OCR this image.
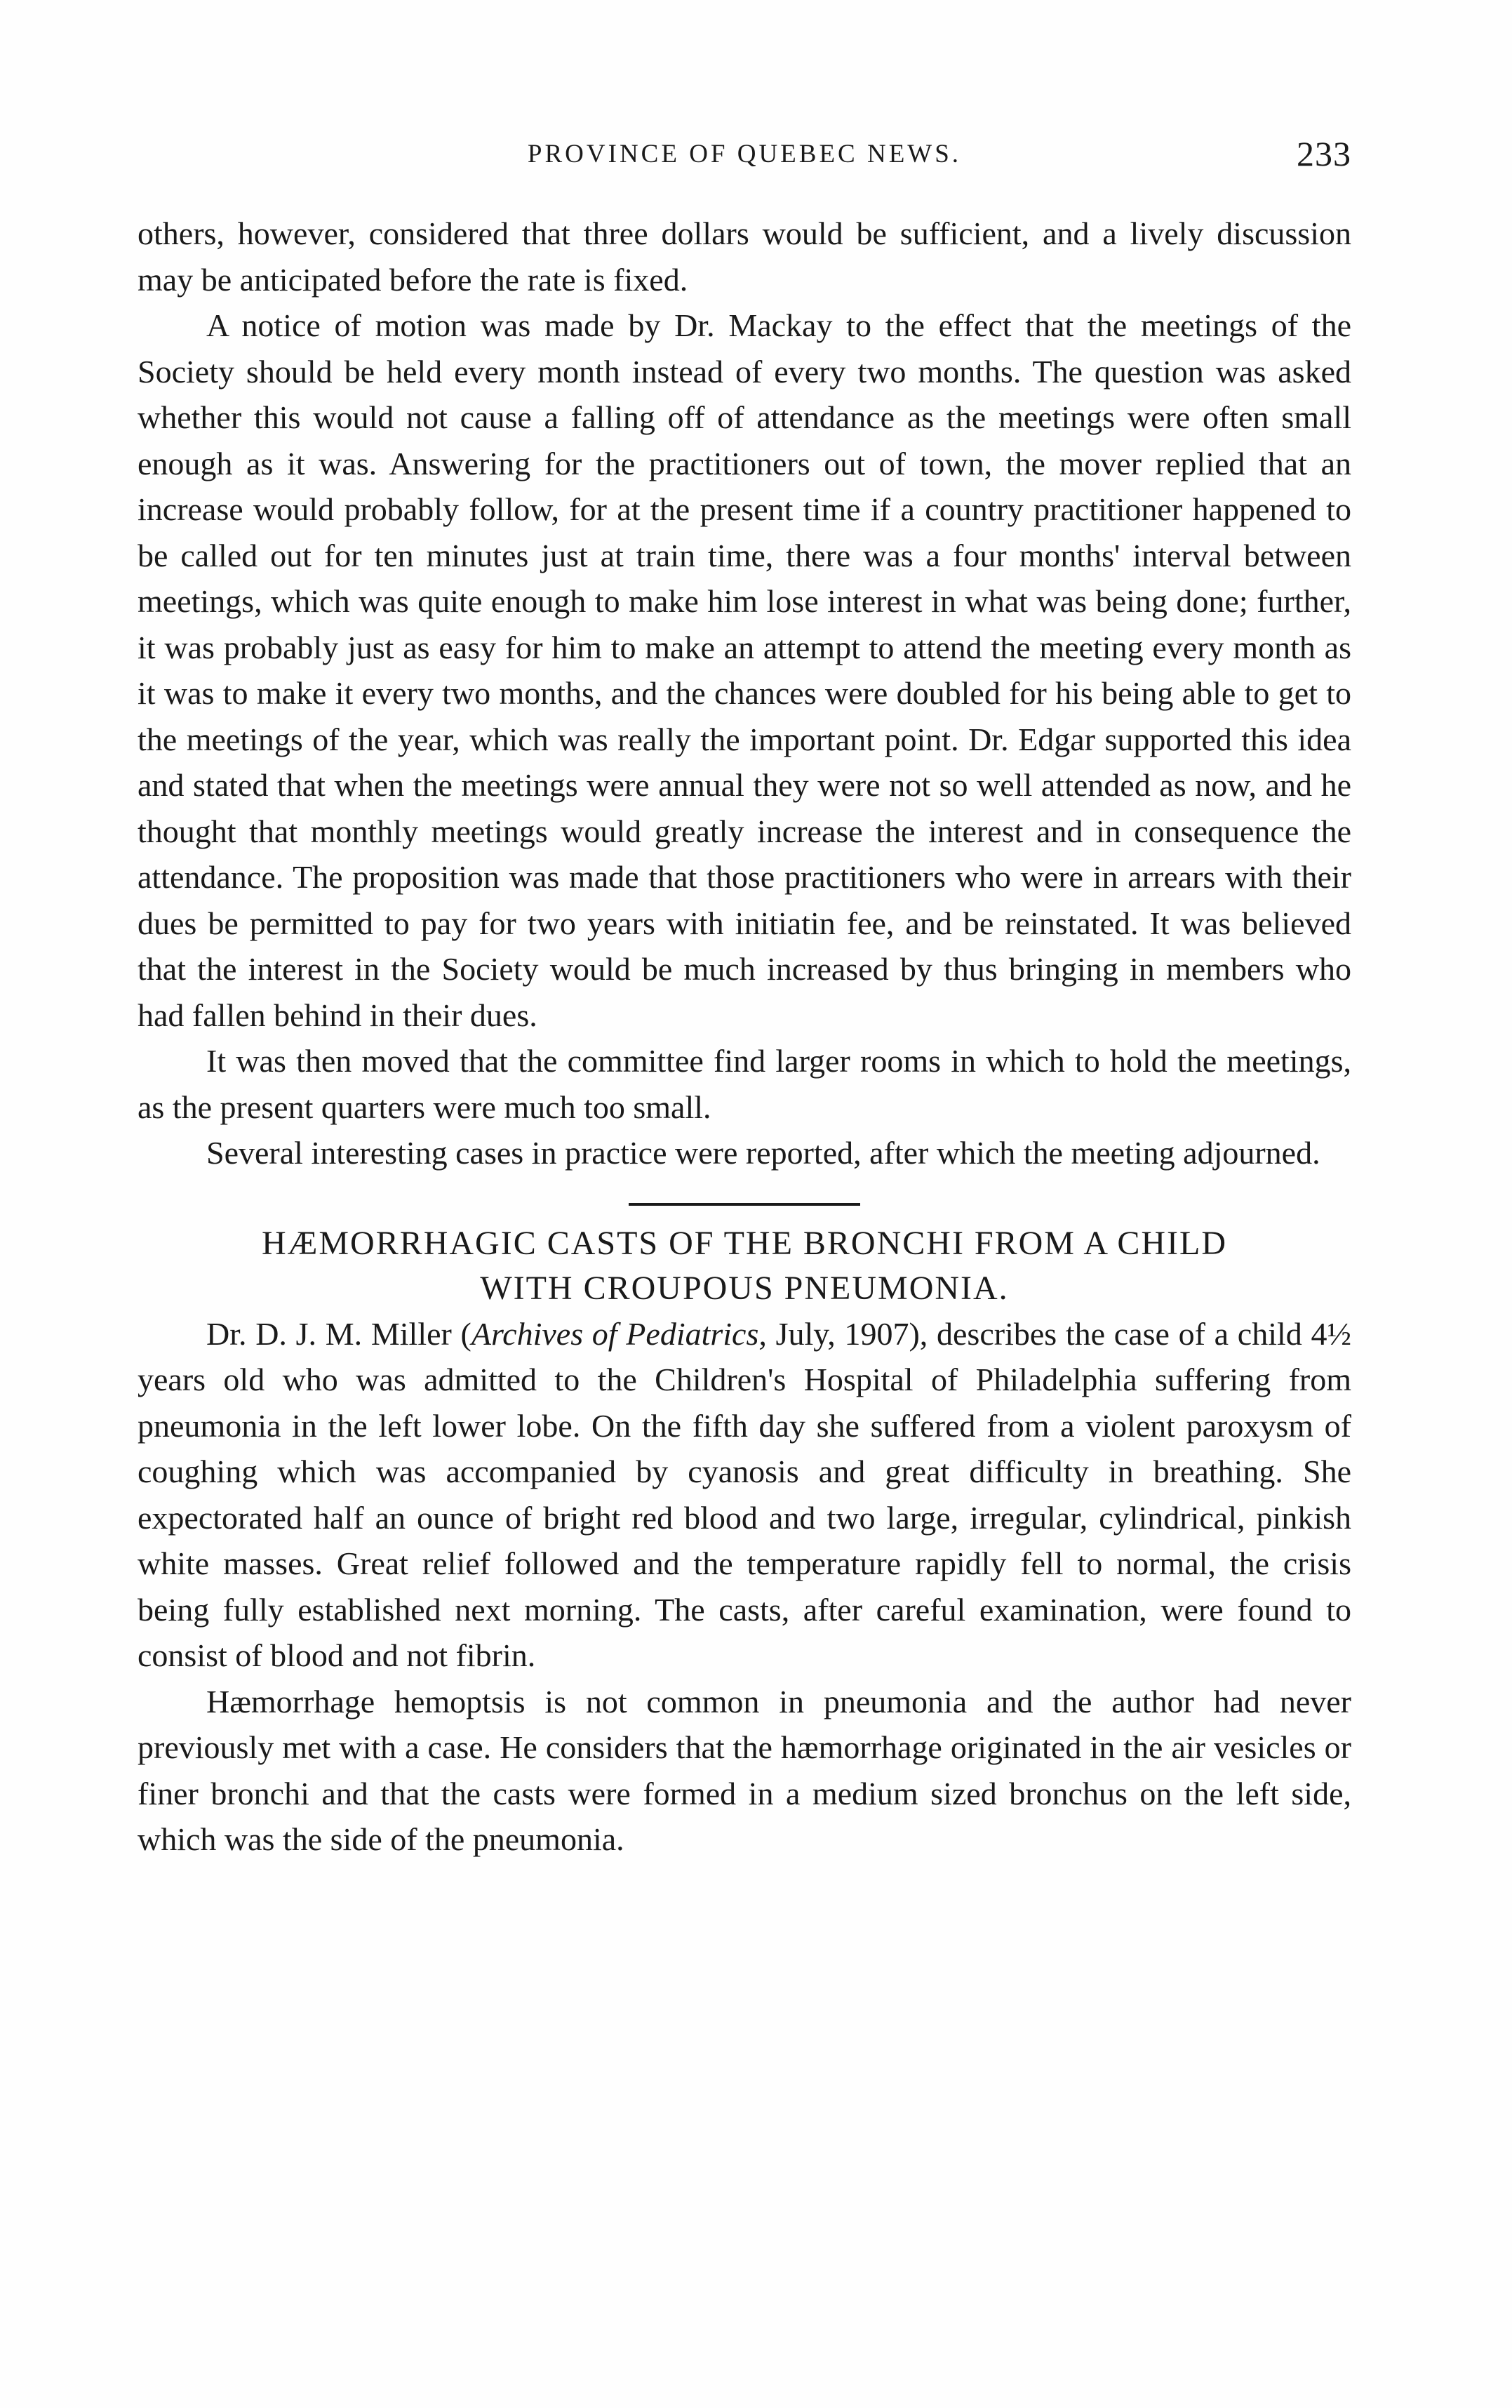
PROVINCE OF QUEBEC NEWS.	233

others, however, considered that three dollars would be sufficient, and a lively discussion may be anticipated before the rate is fixed.

A notice of motion was made by Dr. Mackay to the effect that the meetings of the Society should be held every month instead of every two months. The question was asked whether this would not cause a falling off of attendance as the meetings were often small enough as it was. Answering for the practitioners out of town, the mover replied that an increase would probably follow, for at the present time if a country practitioner happened to be called out for ten minutes just at train time, there was a four months' interval between meetings, which was quite enough to make him lose interest in what was being done; further, it was probably just as easy for him to make an attempt to attend the meeting every month as it was to make it every two months, and the chances were doubled for his being able to get to the meetings of the year, which was really the important point. Dr. Edgar supported this idea and stated that when the meetings were annual they were not so well attended as now, and he thought that monthly meetings would greatly increase the interest and in consequence the attendance. The proposition was made that those practitioners who were in arrears with their dues be permitted to pay for two years with initiatin fee, and be reinstated. It was believed that the interest in the Society would be much increased by thus bringing in members who had fallen behind in their dues.

It was then moved that the committee find larger rooms in which to hold the meetings, as the present quarters were much too small.

Several interesting cases in practice were reported, after which the meeting adjourned.

HÆMORRHAGIC CASTS OF THE BRONCHI FROM A CHILD
WITH CROUPOUS PNEUMONIA.

Dr. D. J. M. Miller (Archives of Pediatrics, July, 1907), describes the case of a child 4½ years old who was admitted to the Children's Hospital of Philadelphia suffering from pneumonia in the left lower lobe. On the fifth day she suffered from a violent paroxysm of coughing which was accompanied by cyanosis and great difficulty in breathing. She expectorated half an ounce of bright red blood and two large, irregular, cylindrical, pinkish white masses. Great relief followed and the temperature rapidly fell to normal, the crisis being fully established next morning. The casts, after careful examination, were found to consist of blood and not fibrin.

Hæmorrhage hemoptsis is not common in pneumonia and the author had never previously met with a case. He considers that the hæmorrhage originated in the air vesicles or finer bronchi and that the casts were formed in a medium sized bronchus on the left side, which was the side of the pneumonia.
